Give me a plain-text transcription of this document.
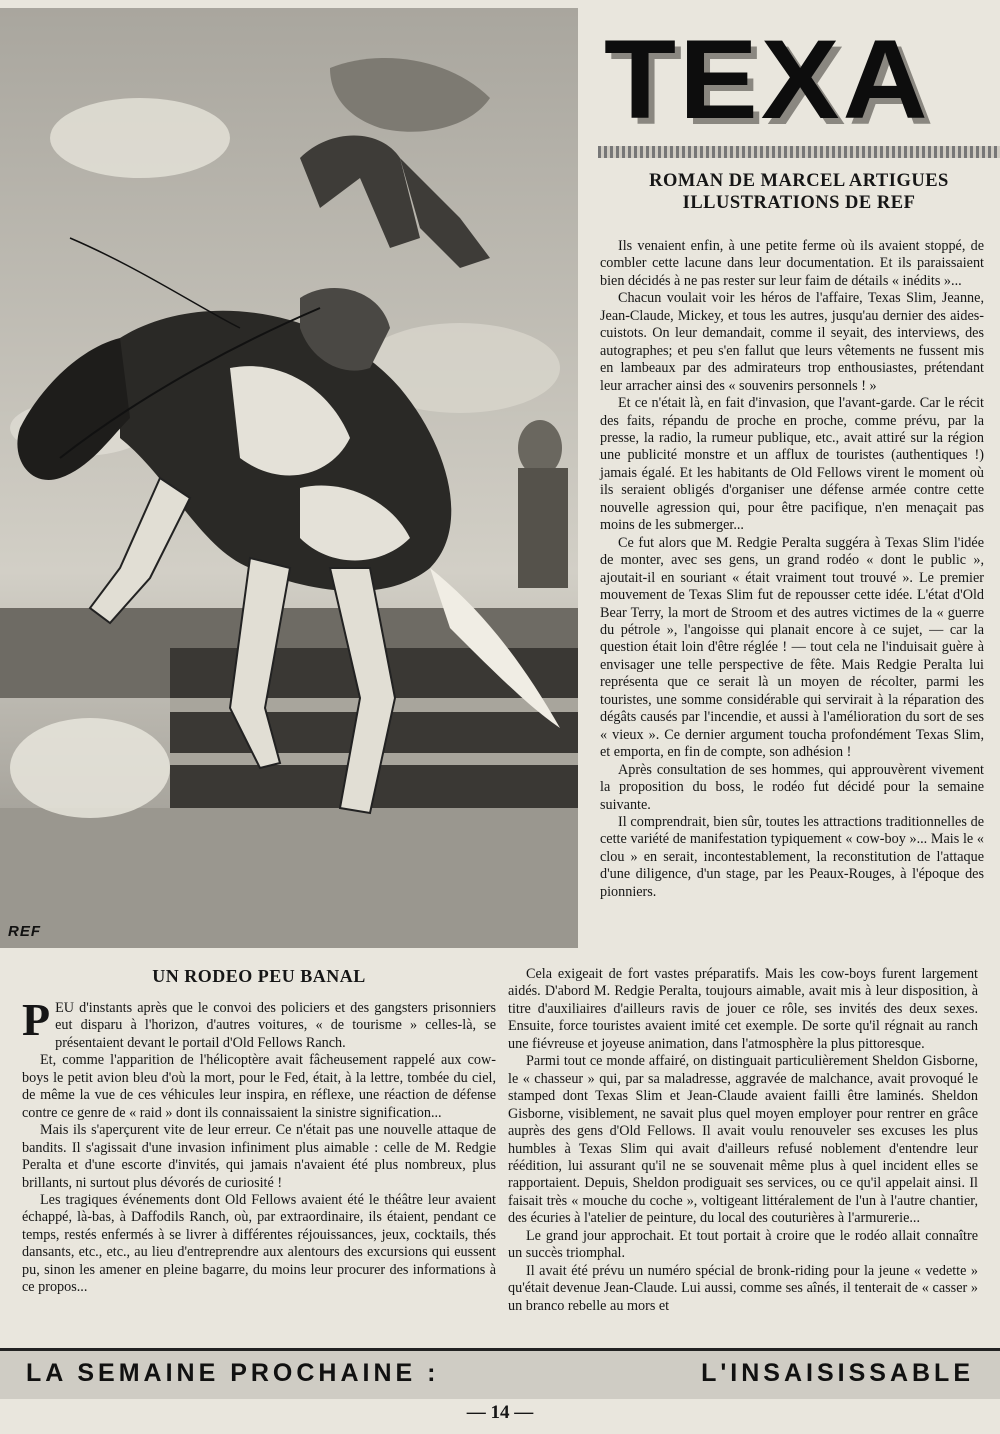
REF
TEXA
ROMAN DE MARCEL ARTIGUES
ILLUSTRATIONS DE REF

Ils venaient enfin, à une petite ferme où ils avaient stoppé, de combler cette lacune dans leur documentation. Et ils paraissaient bien décidés à ne pas rester sur leur faim de détails « inédits »...

Chacun voulait voir les héros de l'affaire, Texas Slim, Jeanne, Jean-Claude, Mickey, et tous les autres, jusqu'au dernier des aides-cuistots. On leur demandait, comme il seyait, des interviews, des autographes; et peu s'en fallut que leurs vêtements ne fussent mis en lambeaux par des admirateurs trop enthousiastes, prétendant leur arracher ainsi des « souvenirs personnels ! »

Et ce n'était là, en fait d'invasion, que l'avant-garde. Car le récit des faits, répandu de proche en proche, comme prévu, par la presse, la radio, la rumeur publique, etc., avait attiré sur la région une publicité monstre et un afflux de touristes (authentiques !) jamais égalé. Et les habitants de Old Fellows virent le moment où ils seraient obligés d'organiser une défense armée contre cette nouvelle agression qui, pour être pacifique, n'en menaçait pas moins de les submerger...

Ce fut alors que M. Redgie Peralta suggéra à Texas Slim l'idée de monter, avec ses gens, un grand rodéo « dont le public », ajoutait-il en souriant « était vraiment tout trouvé ». Le premier mouvement de Texas Slim fut de repousser cette idée. L'état d'Old Bear Terry, la mort de Stroom et des autres victimes de la « guerre du pétrole », l'angoisse qui planait encore à ce sujet, — car la question était loin d'être réglée ! — tout cela ne l'induisait guère à envisager une telle perspective de fête. Mais Redgie Peralta lui représenta que ce serait là un moyen de récolter, parmi les touristes, une somme considérable qui servirait à la réparation des dégâts causés par l'incendie, et aussi à l'amélioration du sort de ses « vieux ». Ce dernier argument toucha profondément Texas Slim, et emporta, en fin de compte, son adhésion !

Après consultation de ses hommes, qui approuvèrent vivement la proposition du boss, le rodéo fut décidé pour la semaine suivante.

Il comprendrait, bien sûr, toutes les attractions traditionnelles de cette variété de manifestation typiquement « cow-boy »... Mais le « clou » en serait, incontestablement, la reconstitution de l'attaque d'une diligence, d'un stage, par les Peaux-Rouges, à l'époque des pionniers.

UN RODEO PEU BANAL

PEU d'instants après que le convoi des policiers et des gangsters prisonniers eut disparu à l'horizon, d'autres voitures, « de tourisme » celles-là, se présentaient devant le portail d'Old Fellows Ranch.

Et, comme l'apparition de l'hélicoptère avait fâcheusement rappelé aux cow-boys le petit avion bleu d'où la mort, pour le Fed, était, à la lettre, tombée du ciel, de même la vue de ces véhicules leur inspira, en réflexe, une réaction de défense contre ce genre de « raid » dont ils connaissaient la sinistre signification...

Mais ils s'aperçurent vite de leur erreur. Ce n'était pas une nouvelle attaque de bandits. Il s'agissait d'une invasion infiniment plus aimable : celle de M. Redgie Peralta et d'une escorte d'invités, qui jamais n'avaient été plus nombreux, plus brillants, ni surtout plus dévorés de curiosité !

Les tragiques événements dont Old Fellows avaient été le théâtre leur avaient échappé, là-bas, à Daffodils Ranch, où, par extraordinaire, ils étaient, pendant ce temps, restés enfermés à se livrer à différentes réjouissances, jeux, cocktails, thés dansants, etc., etc., au lieu d'entreprendre aux alentours des excursions qui eussent pu, sinon les amener en pleine bagarre, du moins leur procurer des informations à ce propos...

Cela exigeait de fort vastes préparatifs. Mais les cow-boys furent largement aidés. D'abord M. Redgie Peralta, toujours aimable, avait mis à leur disposition, à titre d'auxiliaires d'ailleurs ravis de jouer ce rôle, ses invités des deux sexes. Ensuite, force touristes avaient imité cet exemple. De sorte qu'il régnait au ranch une fiévreuse et joyeuse animation, dans l'atmosphère la plus pittoresque.

Parmi tout ce monde affairé, on distinguait particulièrement Sheldon Gisborne, le « chasseur » qui, par sa maladresse, aggravée de malchance, avait provoqué le stamped dont Texas Slim et Jean-Claude avaient failli être laminés. Sheldon Gisborne, visiblement, ne savait plus quel moyen employer pour rentrer en grâce auprès des gens d'Old Fellows. Il avait voulu renouveler ses excuses les plus humbles à Texas Slim qui avait d'ailleurs refusé noblement d'entendre leur réédition, lui assurant qu'il ne se souvenait même plus à quel incident elles se rapportaient. Depuis, Sheldon prodiguait ses services, ou ce qu'il appelait ainsi. Il faisait très « mouche du coche », voltigeant littéralement de l'un à l'autre chantier, des écuries à l'atelier de peinture, du local des couturières à l'armurerie...

Le grand jour approchait. Et tout portait à croire que le rodéo allait connaître un succès triomphal.

Il avait été prévu un numéro spécial de bronk-riding pour la jeune « vedette » qu'était devenue Jean-Claude. Lui aussi, comme ses aînés, il tenterait de « casser » un branco rebelle au mors et

LA SEMAINE PROCHAINE :	L'INSAISISSABLE
— 14 —
